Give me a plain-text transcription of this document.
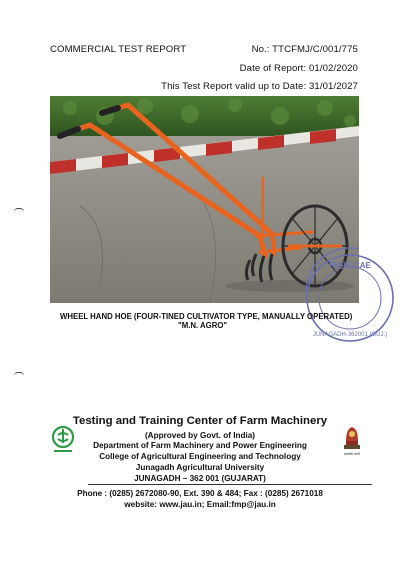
COMMERCIAL TEST REPORT	No.: TTCFMJ/C/001/775
Date of Report: 01/02/2020
This Test Report valid up to Date: 31/01/2027
FMPE-CAE
JUNAGADH-362001 (GUJ.)
WHEEL HAND HOE (FOUR-TINED CULTIVATOR TYPE, MANUALLY OPERATED)
"M.N. AGRO"
Testing and Training Center of Farm Machinery
(Approved by Govt. of India)
Department of Farm Machinery and Power Engineering
College of Agricultural Engineering and Technology
Junagadh Agricultural University
JUNAGADH – 362 001 (GUJARAT)
Phone : (0285) 2672080-90, Ext. 390 & 484; Fax : (0285) 2671018
website: www.jau.in; Email:fmp@jau.in
सत्यमेव जयते
